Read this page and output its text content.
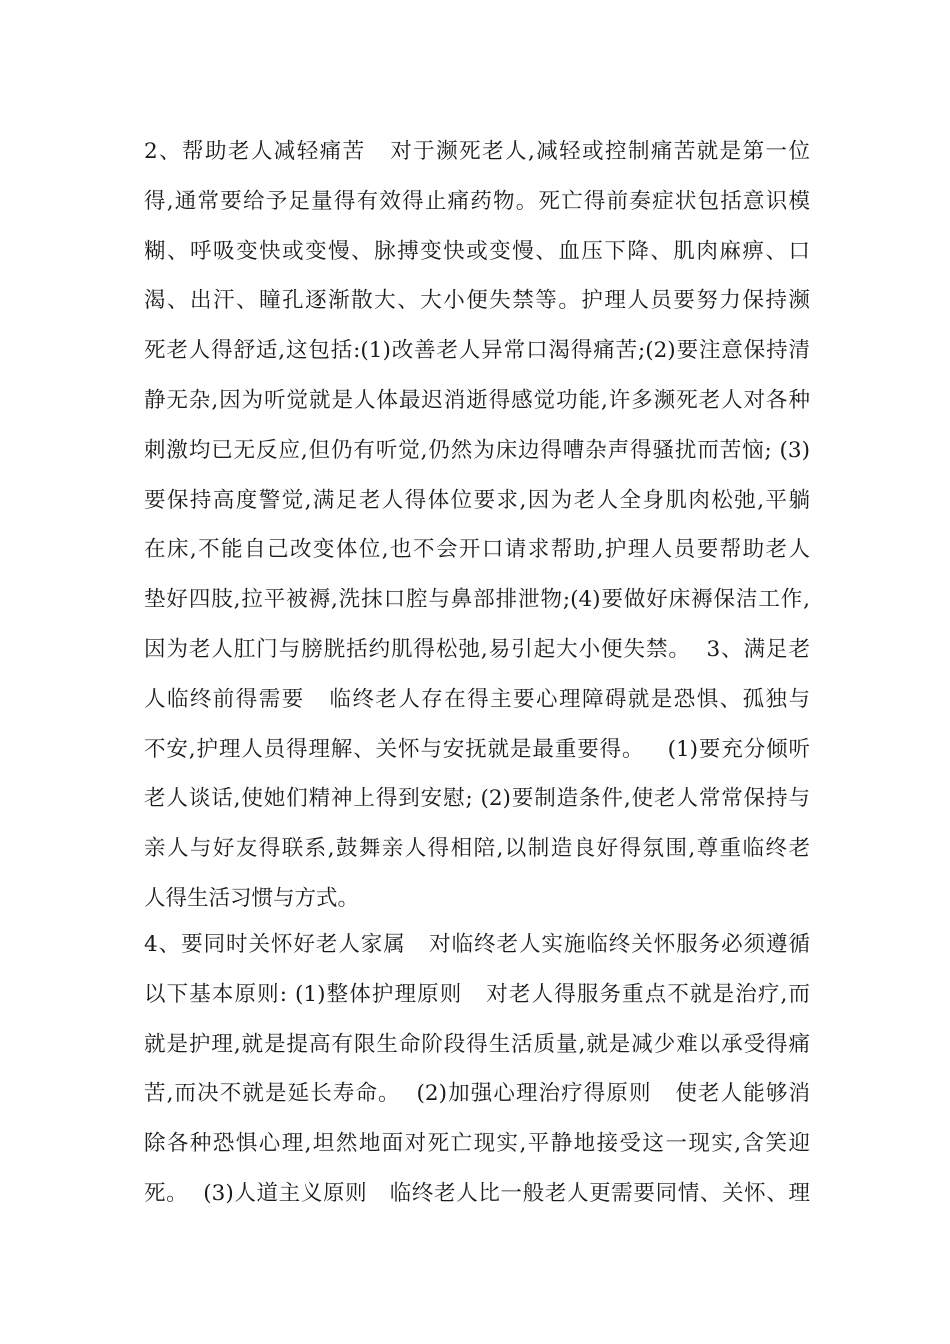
2、帮助老人减轻痛苦   对于濒死老人,减轻或控制痛苦就是第一位
得,通常要给予足量得有效得止痛药物。死亡得前奏症状包括意识模
糊、呼吸变快或变慢、脉搏变快或变慢、血压下降、肌肉麻痹、口
渴、出汗、瞳孔逐渐散大、大小便失禁等。护理人员要努力保持濒
死老人得舒适,这包括:(1)改善老人异常口渴得痛苦;(2)要注意保持清
静无杂,因为听觉就是人体最迟消逝得感觉功能,许多濒死老人对各种
刺激均已无反应,但仍有听觉,仍然为床边得嘈杂声得骚扰而苦恼; (3)
要保持高度警觉,满足老人得体位要求,因为老人全身肌肉松弛,平躺
在床,不能自己改变体位,也不会开口请求帮助,护理人员要帮助老人
垫好四肢,拉平被褥,洗抹口腔与鼻部排泄物;(4)要做好床褥保洁工作,
因为老人肛门与膀胱括约肌得松弛,易引起大小便失禁。  3、满足老
人临终前得需要   临终老人存在得主要心理障碍就是恐惧、孤独与
不安,护理人员得理解、关怀与安抚就是最重要得。   (1)要充分倾听
老人谈话,使她们精神上得到安慰; (2)要制造条件,使老人常常保持与
亲人与好友得联系,鼓舞亲人得相陪,以制造良好得氛围,尊重临终老
人得生活习惯与方式。
4、要同时关怀好老人家属   对临终老人实施临终关怀服务必须遵循
以下基本原则: (1)整体护理原则   对老人得服务重点不就是治疗,而
就是护理,就是提高有限生命阶段得生活质量,就是减少难以承受得痛
苦,而决不就是延长寿命。  (2)加强心理治疗得原则   使老人能够消
除各种恐惧心理,坦然地面对死亡现实,平静地接受这一现实,含笑迎
死。  (3)人道主义原则   临终老人比一般老人更需要同情、关怀、理
